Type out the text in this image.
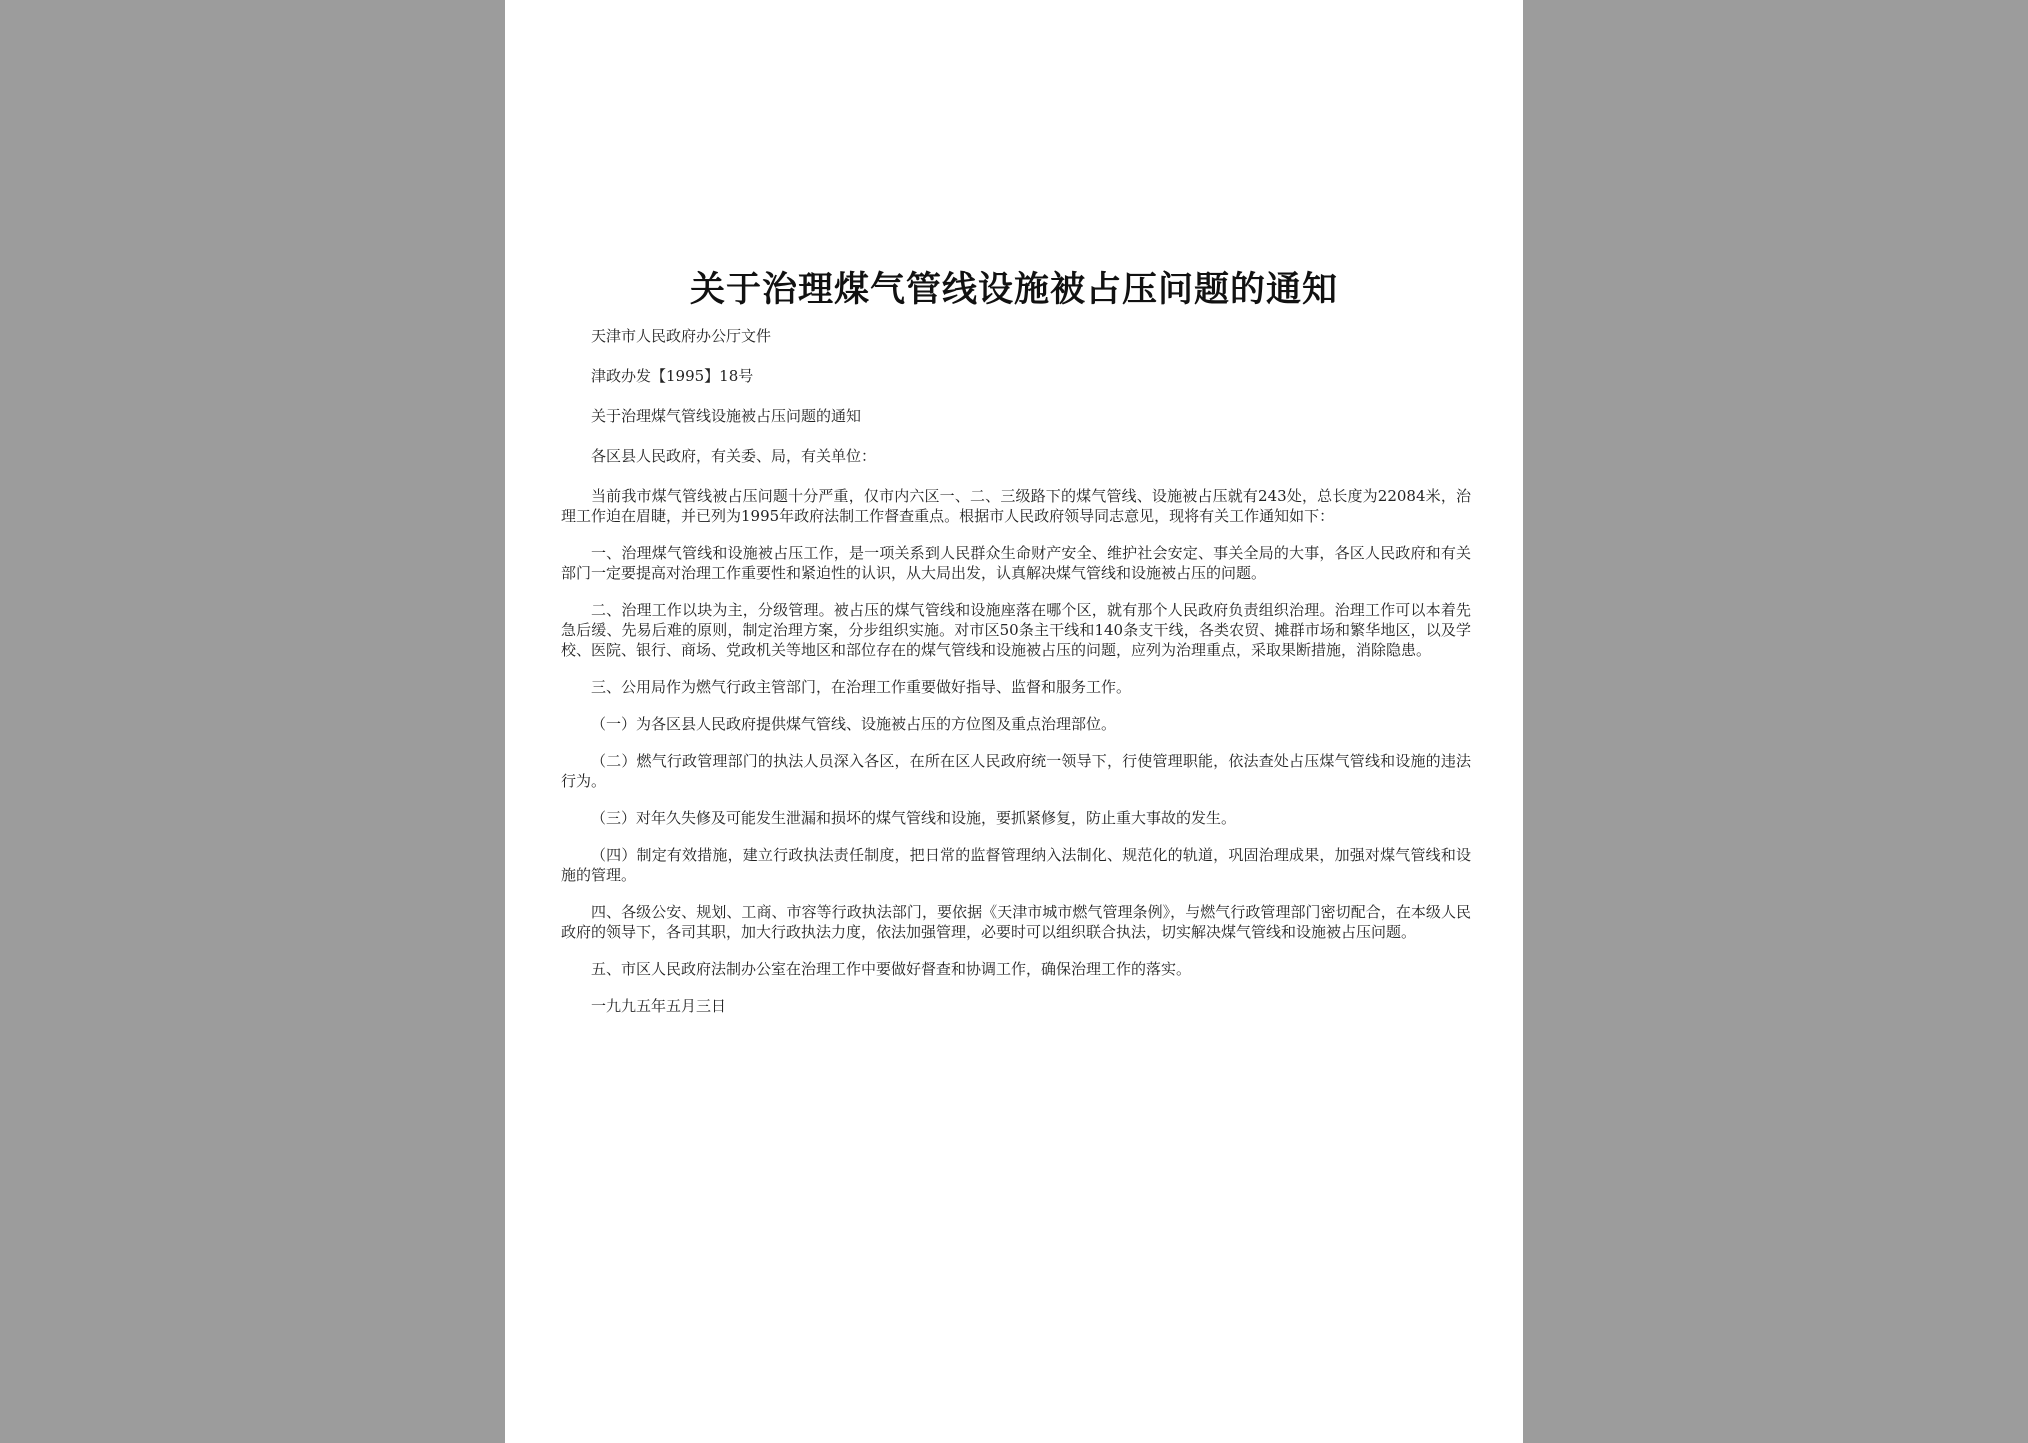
关于治理煤气管线设施被占压问题的通知

天津市人民政府办公厅文件

津政办发【1995】18号

关于治理煤气管线设施被占压问题的通知

各区县人民政府，有关委、局，有关单位：

当前我市煤气管线被占压问题十分严重，仅市内六区一、二、三级路下的煤气管线、设施被占压就有243处，总长度为22084米，治理工作迫在眉睫，并已列为1995年政府法制工作督查重点。根据市人民政府领导同志意见，现将有关工作通知如下：

一、治理煤气管线和设施被占压工作，是一项关系到人民群众生命财产安全、维护社会安定、事关全局的大事，各区人民政府和有关部门一定要提高对治理工作重要性和紧迫性的认识，从大局出发，认真解决煤气管线和设施被占压的问题。

二、治理工作以块为主，分级管理。被占压的煤气管线和设施座落在哪个区，就有那个人民政府负责组织治理。治理工作可以本着先急后缓、先易后难的原则，制定治理方案，分步组织实施。对市区50条主干线和140条支干线，各类农贸、摊群市场和繁华地区，以及学校、医院、银行、商场、党政机关等地区和部位存在的煤气管线和设施被占压的问题，应列为治理重点，采取果断措施，消除隐患。

三、公用局作为燃气行政主管部门，在治理工作重要做好指导、监督和服务工作。

（一）为各区县人民政府提供煤气管线、设施被占压的方位图及重点治理部位。

（二）燃气行政管理部门的执法人员深入各区，在所在区人民政府统一领导下，行使管理职能，依法查处占压煤气管线和设施的违法行为。

（三）对年久失修及可能发生泄漏和损坏的煤气管线和设施，要抓紧修复，防止重大事故的发生。

（四）制定有效措施，建立行政执法责任制度，把日常的监督管理纳入法制化、规范化的轨道，巩固治理成果，加强对煤气管线和设施的管理。

四、各级公安、规划、工商、市容等行政执法部门，要依据《天津市城市燃气管理条例》，与燃气行政管理部门密切配合，在本级人民政府的领导下，各司其职，加大行政执法力度，依法加强管理，必要时可以组织联合执法，切实解决煤气管线和设施被占压问题。

五、市区人民政府法制办公室在治理工作中要做好督查和协调工作，确保治理工作的落实。

一九九五年五月三日
